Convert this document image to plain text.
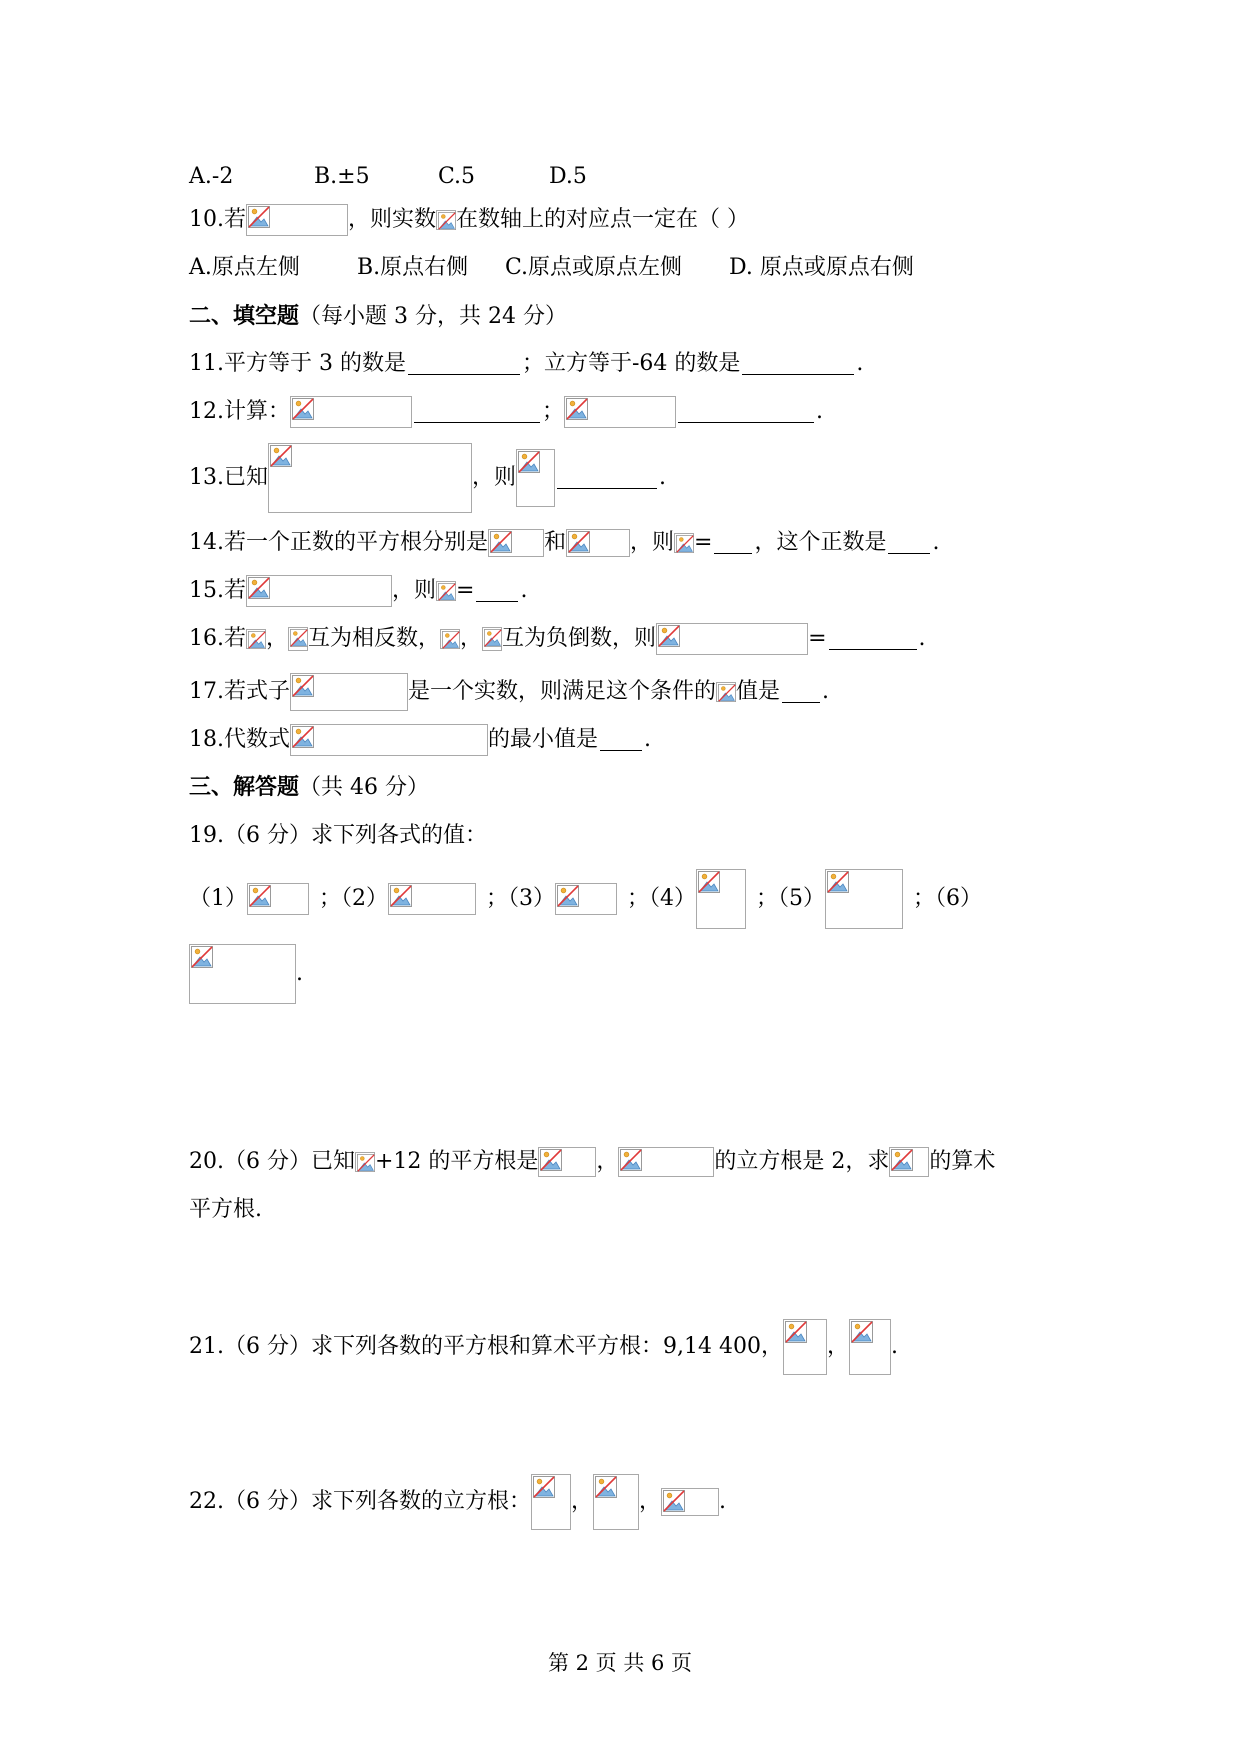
A.-2	B.±5	C.5	D.5
10.若	，则实数 在数轴上的对应点一定在（ ）
A.原点左侧	B.原点右侧	C.原点或原点左侧	D. 原点或原点右侧
二、填空题 （每小题 3 分，共 24 分）
11.平方等于 3 的数是	；立方等于-64 的数是	.
12.计算：	；	.
13.已知	，则	.
14.若一个正数的平方根分别是	和	，则 = ，这个正数是 .
15.若	，则 = .
16.若 ， 互为相反数， ， 互为负倒数，则	=	.
17.若式子	是一个实数，则满足这个条件的 值是 .
18.代数式	的最小值是 .
三、解答题 （共 46 分）
19.（6 分）求下列各式的值：
（1）	；（2）	；（3）	；（4）	；（5）	；（6）
.
20.（6 分）已知 +12 的平方根是	，	的立方根是 2，求 的算术
平方根.
21.（6 分）求下列各数的平方根和算术平方根：9,14 400， ， .
22.（6 分）求下列各数的立方根： ， ，	.
第 2 页 共 6 页
